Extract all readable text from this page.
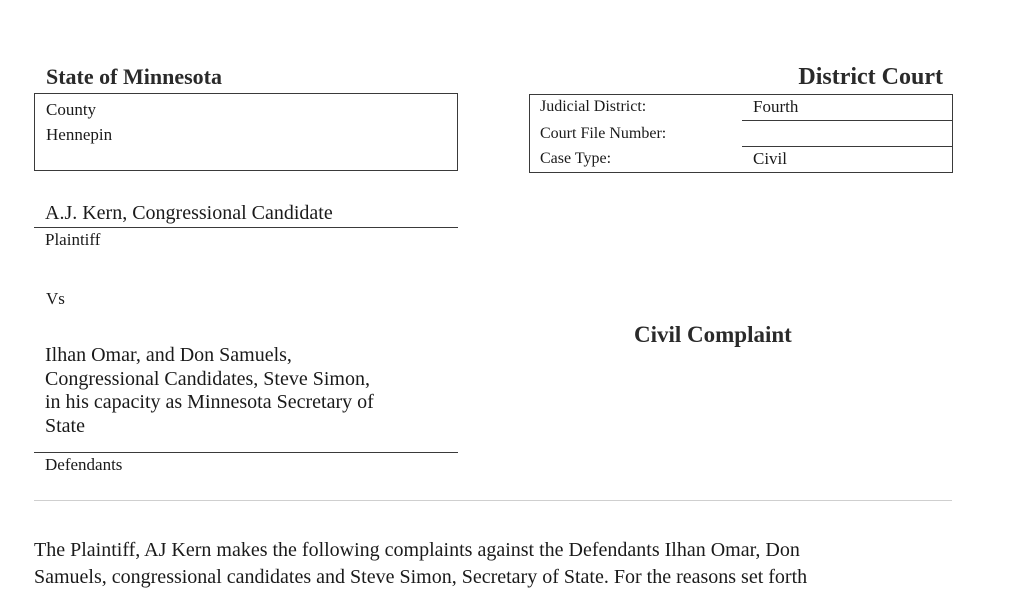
State of Minnesota	District Court
County
Hennepin
Judicial District:	Fourth
Court File Number:
Case Type:	Civil
A.J. Kern, Congressional Candidate
Plaintiff
Vs
Ilhan Omar, and Don Samuels,
Congressional Candidates, Steve Simon,
in his capacity as Minnesota Secretary of
State
Defendants
Civil Complaint
The Plaintiff, AJ Kern makes the following complaints against the Defendants Ilhan Omar, Don
Samuels, congressional candidates and Steve Simon, Secretary of State. For the reasons set forth
